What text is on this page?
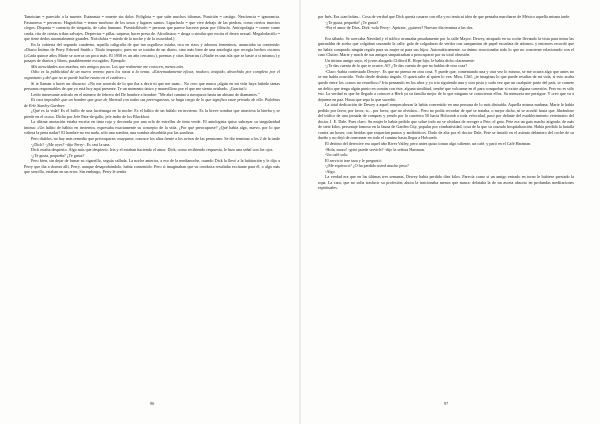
Tanotoian = parecido a la muerte. Eutanasia = muerte sin dolor. Poliglota = que sabe muchos idiomas. Punición = castigo. Nesciencia = ignorancia. Fastuoreso = pervarso. Hagiofobia = temor morboso de los ursos y lugares santos. Ligurfusfo = que vive debajo de las piedras, como ciertos insectos ciegos. Disparia = carencia de simpatía, de calor humano. Pseudoflósofo = persona que parece hacerse pasar por filósofo. Antropofagia = comer carne cruda, rito de ciertas tribus salvajes. Depreciar = pillar, saquear, hacer presa de. Afrodisiaco = droga o similar que excita el deseo sexual. Megalodactilo = que tiene dedos anormalmente grandes. Nictofobia = miedo de la noche y de la oscuridad.)

En la cubierta del segundo cuaderno, aquella caligrafía de que tan orgulloso estaba, rica en rizos y adornos femeninos, anunciaba su contenido: «Diario Íntimo de Perry Edward Smith.» Título impropio, pues no se trataba de un diario, sino más bien de una antología que recogía hechos oscuros («Cada quince años Marte se acerca un poco más. El 1958 es un año cercano»), poemas y citas literarias («Nadie es una isla que se baste a sí mismo») y pasajes de diarios y libros, pasablemente escogidos. Ejemplo:

Mis atrocidades son muchas, mis amigos pocos. Los que realmente me conocen, menos aún.

Odio es la publicidad de un nuevo veneno para los ratas a la venta. «Extremadamente eficaz, inodoro, insípido, absorbido por completo por el organismo y del que no se puede hallar rastro en el cadáver.»

Si te llaman a hacer un discurso: «No me acuerdo de lo que iba a decir ni que me naan... No creo que nunca ¡algún en mi vida haya habido tantas personas responsables de que yo está hoy aquí presente. Te un momento único y maravilloso por el que me siento orishado. ¡Gracias!»

Leído interesante artículo en el número de febrero del De hombre a hombre: "Me abrí camino a navajazos hasta un abismo de diamantes."

Es casi imposible que un hombre que goce de libertad con todas sus prerrogativas, se haga cargo de lo que significa estar privado de ella. Palabras de Erle Stanley Gardner.

¿Qué es la vida? Es el brillo de una luciérnaga en la noche. Es el hálito de un búfalo en invierno. Es la breve sombra que atraviesa la hierba y se pierde en el ocaso. Dicho por Jefe Pata-de-gallo, jefe indio de los Blackfoot.

La última anotación estaba escrita en tinta roja y decorada por una orla de estrellas de tinta verde. El antologista quiso subrayar su singularidad íntima: «Un hálito de hábito en invierno» expresaba exactamente su concepto de la vida. ¿Por qué preocuparse? ¿Qué había algo, nuevo, por lo que valiera la pena nadar? El hombre no era nada, sólo una sombra, una sombra absorbida por las sombras.

Pero diablos, no hay más remedio que preocuparse; muyparse, conosce los altas frente a los avisos de las pensiones: Se dio terminar a los 2 de la tarde

-¿Dick? -¿Me oyes? -dijo Perry-. Es casi la una.

Dick estaba despierto. Algo más que despierto. Iría y el estaban haciendo el amor. Dick, como recibiendo respuesta, le hizo una señal con los ojos.

-¿Te gusta, pequeña? ¿Te gusta?

Pero bien, sin dejar de fumar su cigarrillo, seguía callada. La noche anterior, a eso de la medianoche, cuando Dick la llevó a la habitación y le dijo a Perry que iba a dormir allí, Perry, aunque desaprobándolo, había consentido. Pero si imaginaban que su conducta resultaba excitante para él, o algo más que sencillo, estaban en un error. Sin embargo, Perry le sentía

96

por Inés. Era «tan bobas... Cosa de verdad que Dick quería casarse con ella y no tenía ni idea de que pensaba marcharse de México aquella misma tarde.

-¿Te gusta, pequeña? ¿Te gusta?

-Por el amor de Dios, Dick -solo Perry-. Apúrate, ¿quieres? Nuestro día termina a las dos.

Era sábado. Se acercaba Navidad y el tráfico avanzaba pesadamente por la calle Mayor. Dewey, atrapado en su coche llevando la vista para mirar las guirnaldas de acebo que colgaban cruzando la calle, gala de colgaduras de verdor con campanitas de papel escarlata de adornos, y entonces recordó que no había comprado ningún regalo para su mujer ni para sus hijos. Automáticamente, su ánimo reaccionaba todo lo que no concierne relacionado con el caso Clutter. Marie y much de sus amigos simpatizaban a preocuparse por su total obsesión.

Un íntimo amigo suyo, el joven abogado Clifford R. Hope hijo, le había dicho claramente:

-¿Te das cuenta de lo que te ocurre, Al? ¿Te das cuenta de que no hablas de otra cosa?

-Claro -había contestado Dewey-. Es que no pienso en otra cosa. Y puede que, comentando una y otra vez lo mismo, se me ocurra algo que antes no se me había ocurrido. Verlo desde distinto ángulo. O quizá salte al quien lo vea. Mira, Cliff, ¿te imaginas lo que puede resultar de mi vida, si esto acaba quedo entre los «casos no resueltos»? Iría pensando en los años y yo iría siguiendo una y otra pista y cada vez que un cualquier parte del país, se comete un delito que tenga algún punto en común con éste, alguna similitud, tendré que volcarme en él para comprobar si existe alguna conexión. Pero no es sólo eso. La verdad es que he llegado a conocer a Herb ya su familia mejor de lo que ninguno se conocieron ellos. Su memoria me persigue. Y creo que va a dejarme en paz. Hasta que sepa lo que sucedió.

La total dedicación de Dewey a aquel rompecabezas la había convertido en una persona de lo más distraída. Aquella misma mañana, Marie le había pedido por favor, por favor, si... por favor, que no olvidara... Pero no podía recordar de qué se trataba, o mejor dicho, ni se acordó hasta que, librándose del tráfico de una jornada de compras y yendo por la carretera 50 hacia Holcomb a toda velocidad, pasó por delante del establecimiento veterinario del doctor J. E. Dale. Pues claro. Su mujer le había pedido que sobre todo no se olvidara de recoger a Pete, el gato. Pete era un gato macho atigrado, de más de siete kilos, personaje famoso en la fauna de Garden City, popular por combatividad, cosa de la que su cruzado hospitalización. Había perdido la batalla contra un boxer, con heridas que requerían puntos y antibióticos. Dado de alta por el doctor Dale, Pete se instaló en el asiento delantero del coche de su dueño y no dejó de ronronear en todo el camino hasta llegar a Holcomb.

El destino del detective era aquel año River Valley, pero antes quiso tomar algo caliente, un café, y paró en el Café Hartman.

-Hola, mozo! -gritó puede servirle? -dijo la señora Hartman.

-Un café solo.

El servicio trae taza y le preguntó:

-¿Me equivoco? ¿O ha perdido usted mucho peso?

-Algo.

La verdad era que en las últimas tres semanas, Dewey había perdido diez kilos. Parecía como si un amigo entrado en torno le hubiese prestado la ropa. La cara, que no solía traslucir su profesión, ahora la traicionaba menos que nunca: delataba la de un asceta absorto en profundas meditaciones espirituales.

97
